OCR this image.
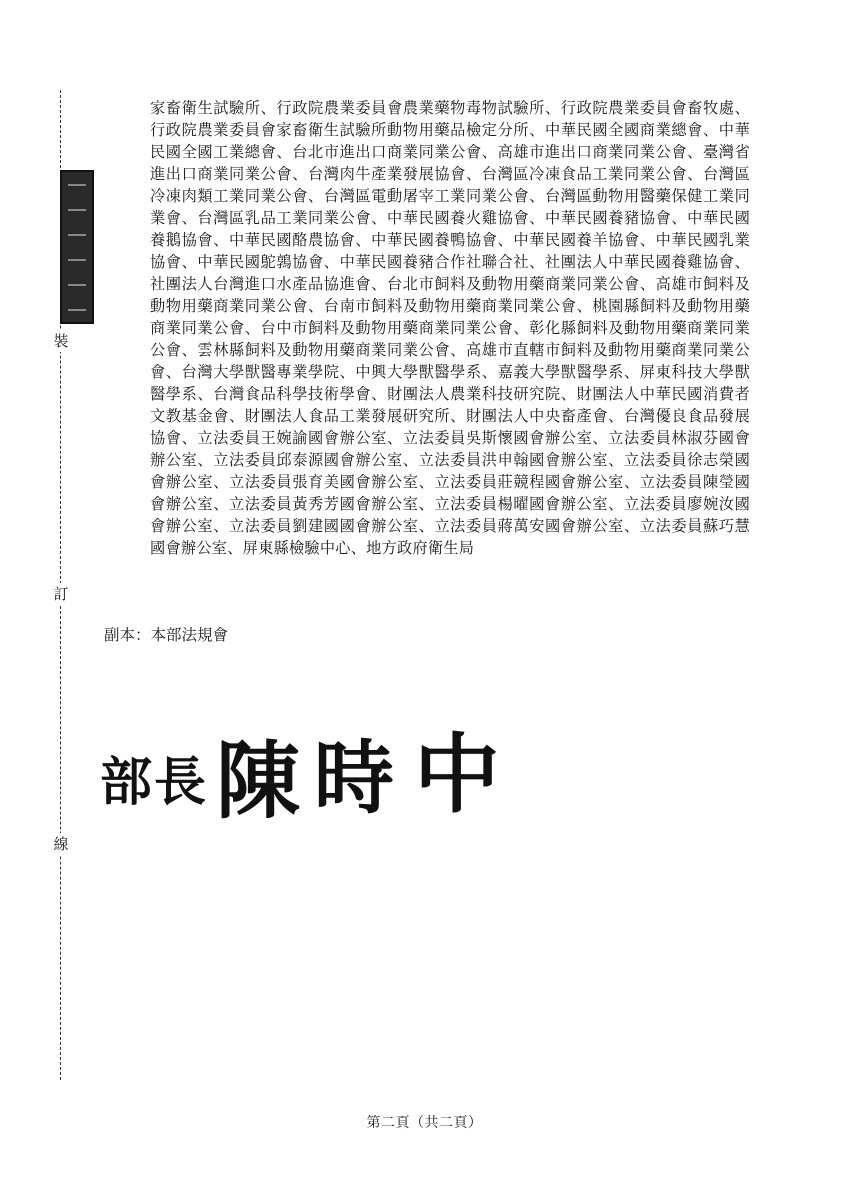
裝
訂
線

家畜衛生試驗所、行政院農業委員會農業藥物毒物試驗所、行政院農業委員會畜牧處、行政院農業委員會家畜衛生試驗所動物用藥品檢定分所、中華民國全國商業總會、中華民國全國工業總會、台北市進出口商業同業公會、高雄市進出口商業同業公會、臺灣省進出口商業同業公會、台灣肉牛產業發展協會、台灣區冷凍食品工業同業公會、台灣區冷凍肉類工業同業公會、台灣區電動屠宰工業同業公會、台灣區動物用醫藥保健工業同業會、台灣區乳品工業同業公會、中華民國養火雞協會、中華民國養豬協會、中華民國養鵝協會、中華民國酪農協會、中華民國養鴨協會、中華民國養羊協會、中華民國乳業協會、中華民國鴕鶉協會、中華民國養豬合作社聯合社、社團法人中華民國養雞協會、社團法人台灣進口水產品協進會、台北市飼料及動物用藥商業同業公會、高雄市飼料及動物用藥商業同業公會、台南市飼料及動物用藥商業同業公會、桃園縣飼料及動物用藥商業同業公會、台中市飼料及動物用藥商業同業公會、彰化縣飼料及動物用藥商業同業公會、雲林縣飼料及動物用藥商業同業公會、高雄市直轄市飼料及動物用藥商業同業公會、台灣大學獸醫專業學院、中興大學獸醫學系、嘉義大學獸醫學系、屏東科技大學獸醫學系、台灣食品科學技術學會、財團法人農業科技研究院、財團法人中華民國消費者文教基金會、財團法人食品工業發展研究所、財團法人中央畜產會、台灣優良食品發展協會、立法委員王婉諭國會辦公室、立法委員吳斯懷國會辦公室、立法委員林淑芬國會辦公室、立法委員邱泰源國會辦公室、立法委員洪申翰國會辦公室、立法委員徐志榮國會辦公室、立法委員張育美國會辦公室、立法委員莊競程國會辦公室、立法委員陳瑩國會辦公室、立法委員黃秀芳國會辦公室、立法委員楊曜國會辦公室、立法委員廖婉汝國會辦公室、立法委員劉建國國會辦公室、立法委員蔣萬安國會辦公室、立法委員蘇巧慧國會辦公室、屏東縣檢驗中心、地方政府衛生局

副本：本部法規會
部 長 陳 時 中
第二頁（共二頁）
